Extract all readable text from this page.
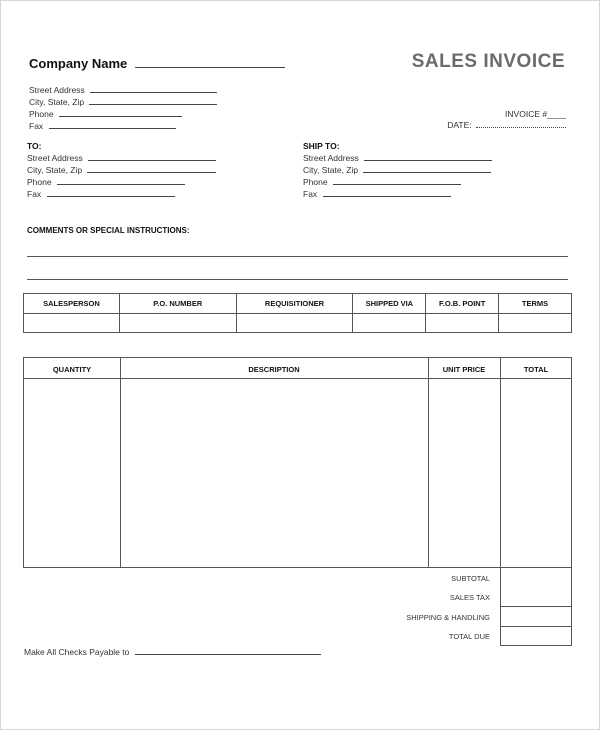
Company Name	SALES INVOICE
Street Address
City, State, Zip
Phone
Fax
INVOICE #____
DATE:
TO:
Street Address
City, State, Zip
Phone
Fax
SHIP TO:
Street Address
City, State, Zip
Phone
Fax
COMMENTS OR SPECIAL INSTRUCTIONS:
SALESPERSON	P.O. NUMBER	REQUISITIONER	SHIPPED VIA	F.O.B. POINT	TERMS

QUANTITY	DESCRIPTION	UNIT PRICE	TOTAL
SUBTOTAL
SALES TAX
SHIPPING & HANDLING
TOTAL DUE
Make All Checks Payable to
